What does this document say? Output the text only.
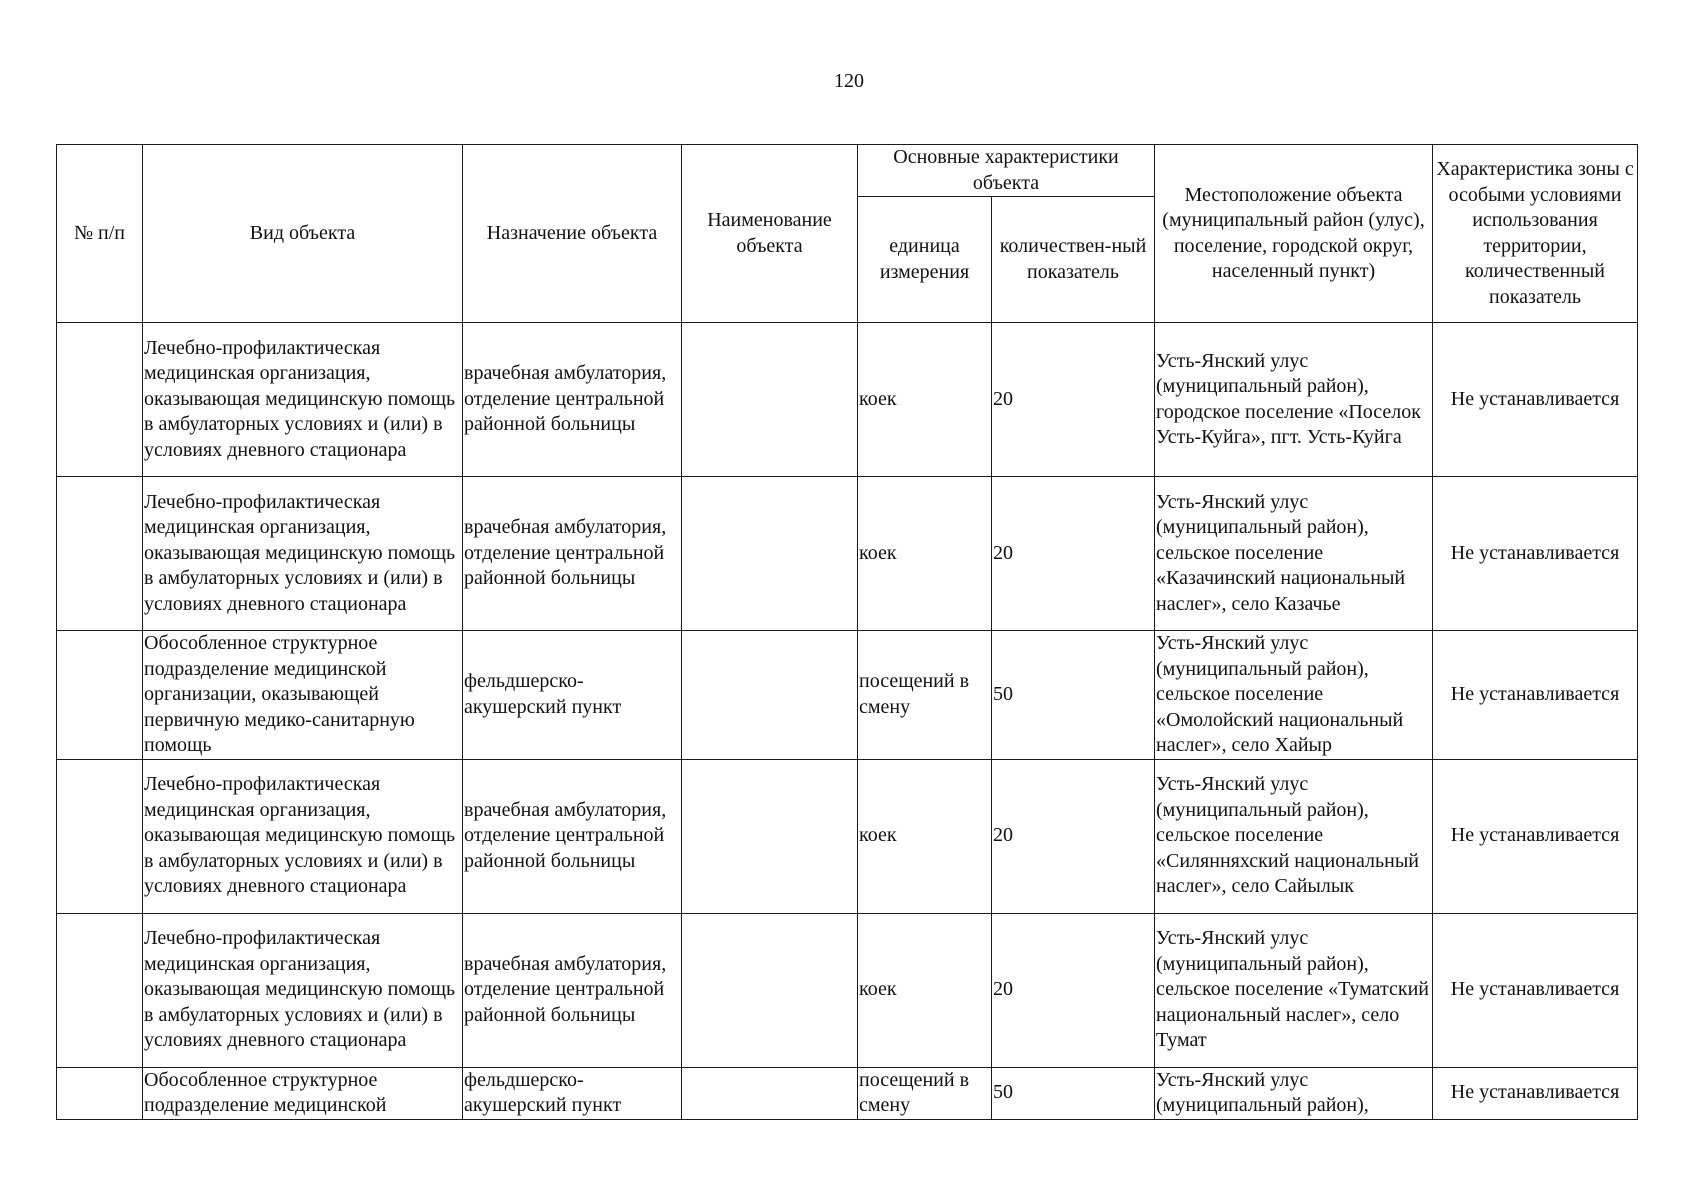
120
№ п/п	Вид объекта	Назначение объекта	Наименование объекта	Основные характеристики объекта		Местоположение объекта (муниципальный район (улус), поселение, городской округ, населенный пункт)	Характеристика зоны с особыми условиями использования территории, количественный показатель
				единица измерения	количествен-ный показатель		
	Лечебно-профилактическая медицинская организация, оказывающая медицинскую помощь в амбулаторных условиях и (или) в условиях дневного стационара	врачебная амбулатория, отделение центральной районной больницы		коек	20	Усть-Янский улус (муниципальный район), городское поселение «Поселок Усть-Куйга», пгт. Усть-Куйга	Не устанавливается
	Лечебно-профилактическая медицинская организация, оказывающая медицинскую помощь в амбулаторных условиях и (или) в условиях дневного стационара	врачебная амбулатория, отделение центральной районной больницы		коек	20	Усть-Янский улус (муниципальный район), сельское поселение «Казачинский национальный наслег», село Казачье	Не устанавливается
	Обособленное структурное подразделение медицинской организации, оказывающей первичную медико-санитарную помощь	фельдшерско-акушерский пункт		посещений в смену	50	Усть-Янский улус (муниципальный район), сельское поселение «Омолойский национальный наслег», село Хайыр	Не устанавливается
	Лечебно-профилактическая медицинская организация, оказывающая медицинскую помощь в амбулаторных условиях и (или) в условиях дневного стационара	врачебная амбулатория, отделение центральной районной больницы		коек	20	Усть-Янский улус (муниципальный район), сельское поселение «Силянняхский национальный наслег», село Сайылык	Не устанавливается
	Лечебно-профилактическая медицинская организация, оказывающая медицинскую помощь в амбулаторных условиях и (или) в условиях дневного стационара	врачебная амбулатория, отделение центральной районной больницы		коек	20	Усть-Янский улус (муниципальный район), сельское поселение «Туматский национальный наслег», село Тумат	Не устанавливается
	Обособленное структурное подразделение медицинской	фельдшерско-акушерский пункт		посещений в смену	50	Усть-Янский улус (муниципальный район),	Не устанавливается
